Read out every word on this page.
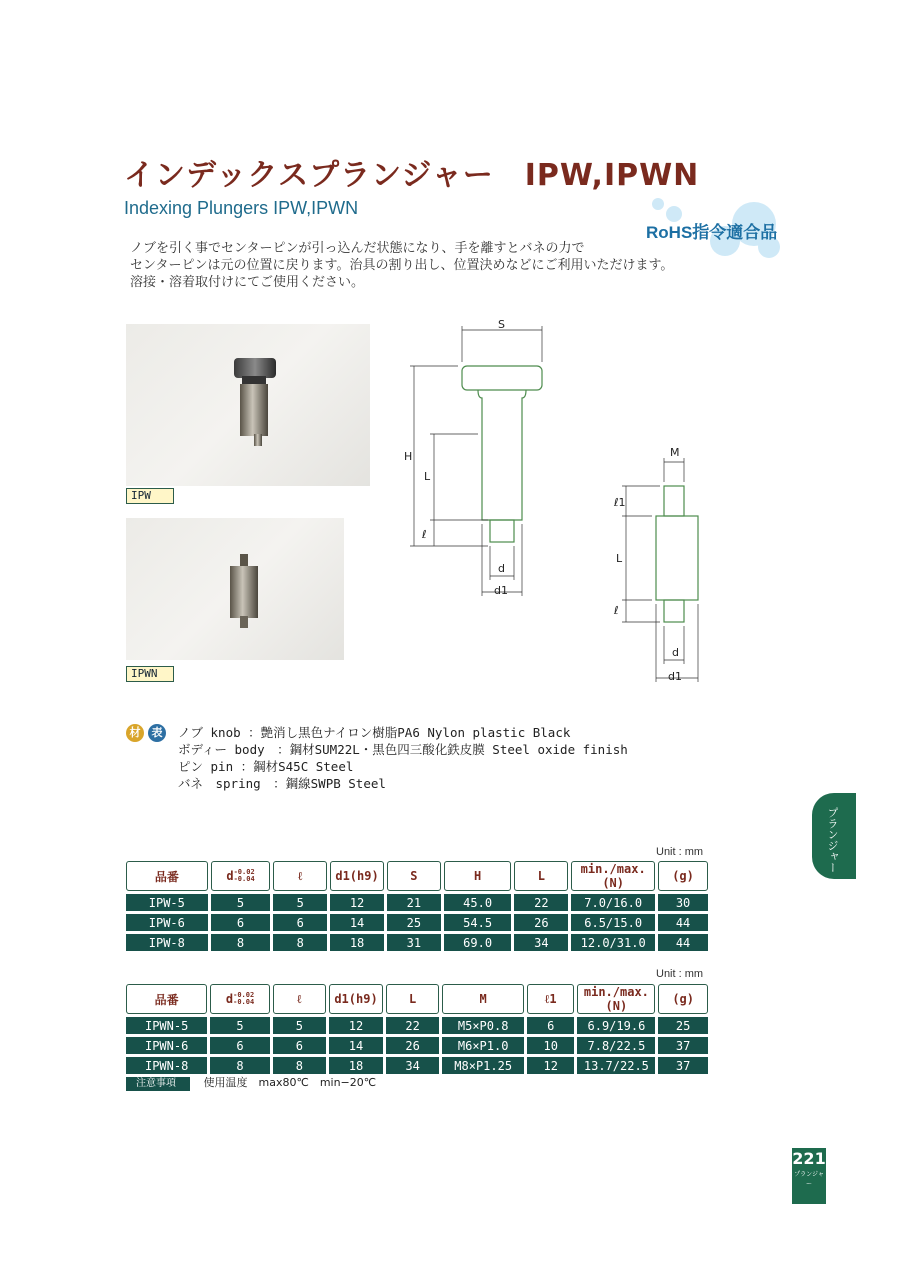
インデックスプランジャー　IPW,IPWN
Indexing Plungers IPW,IPWN
RoHS指令適合品
ノブを引く事でセンターピンが引っ込んだ状態になり、手を離すとバネの力で
センターピンは元の位置に戻ります。治具の割り出し、位置決めなどにご利用いただけます。
溶接・溶着取付けにてご使用ください。
IPW
IPWN
S
H
L
ℓ
d
d1
M
ℓ1
L
ℓ
d
d1
材	表 ノブ knob ：艶消し黒色ナイロン樹脂PA6 Nylon plastic Black
ボディー body　：鋼材SUM22L・黒色四三酸化鉄皮膜 Steel oxide finish
ピン pin ：鋼材S45C Steel
バネ　spring　：鋼線SWPB Steel
Unit : mm
品番	d-0.02
-0.04	ℓ	d1(h9)	S	H	L	min./max.(N)	(g)
IPW-5	5	5	12	21	45.0	22	7.0/16.0	30
IPW-6	6	6	14	25	54.5	26	6.5/15.0	44
IPW-8	8	8	18	31	69.0	34	12.0/31.0	44
Unit : mm
品番	d-0.02
-0.04	ℓ	d1(h9)	L	M	ℓ1	min./max.(N)	(g)
IPWN-5	5	5	12	22	M5×P0.8	6	6.9/19.6	25
IPWN-6	6	6	14	26	M6×P1.0	10	7.8/22.5	37
IPWN-8	8	8	18	34	M8×P1.25	12	13.7/22.5	37
注意事項	使用温度　max80℃　min−20℃
プランジャー
221
プランジャー
